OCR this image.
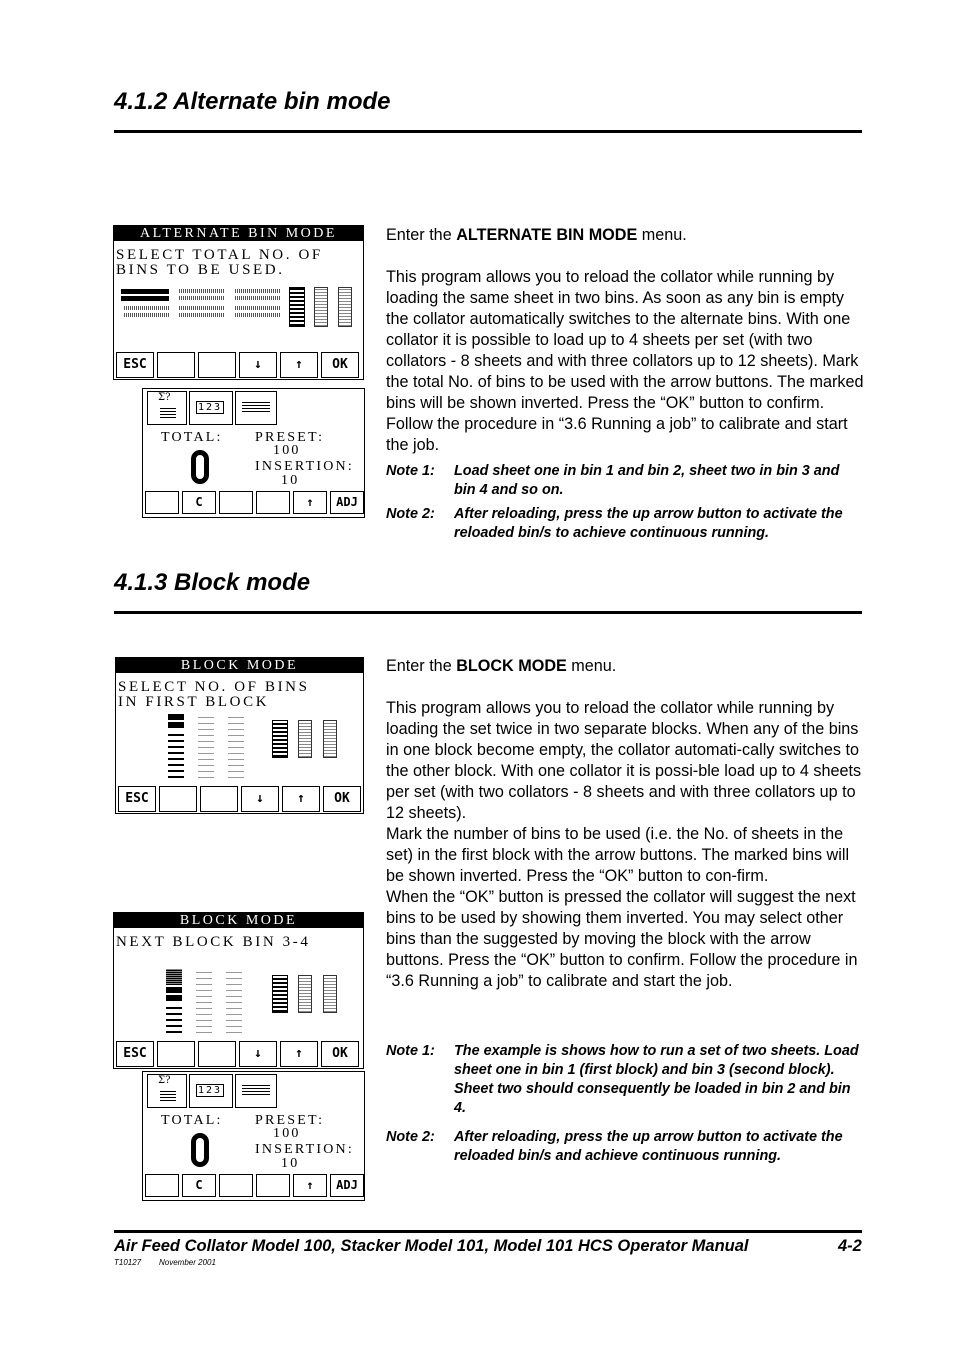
4.1.2 Alternate bin mode
ALTERNATE BIN MODE
SELECT TOTAL NO. OF
BINS TO BE USED.
ESC	↓	↑	OK
Σ?
123
TOTAL: PRESET:
100
INSERTION:
10
C	↑	ADJ

Enter the ALTERNATE BIN MODE menu.

This program allows you to reload the collator while running by loading the same sheet in two bins. As soon as any bin is empty the collator automatically switches to the alternate bins. With one collator it is possible to load up to 4 sheets per set (with two collators - 8 sheets and with three collators up to 12 sheets). Mark the total No. of bins to be used with the arrow buttons. The marked bins will be shown inverted. Press the “OK” button to confirm. Follow the procedure in “3.6 Running a job” to calibrate and start the job.

Note 1: Load sheet one in bin 1 and bin 2, sheet two in bin 3 and bin 4 and so on.
Note 2: After reloading, press the up arrow button to activate the reloaded bin/s to achieve continuous running.
4.1.3 Block mode
BLOCK MODE
SELECT NO. OF BINS
IN FIRST BLOCK
ESC	↓	↑	OK
BLOCK MODE
NEXT BLOCK BIN 3-4
ESC	↓	↑	OK
Σ?
123
TOTAL: PRESET:
100
INSERTION:
10
C	↑	ADJ

Enter the BLOCK MODE menu.

This program allows you to reload the collator while running by loading the set twice in two separate blocks. When any of the bins in one block become empty, the collator automati-cally switches to the other block. With one collator it is possi-ble load up to 4 sheets per set (with two collators - 8 sheets and with three collators up to 12 sheets).

Mark the number of bins to be used (i.e. the No. of sheets in the set) in the first block with the arrow buttons. The marked bins will be shown inverted. Press the “OK” button to con-firm.

When the “OK” button is pressed the collator will suggest the next bins to be used by showing them inverted. You may select other bins than the suggested by moving the block with the arrow buttons. Press the “OK” button to confirm. Follow the procedure in “3.6 Running a job” to calibrate and start the job.

Note 1: The example is shows how to run a set of two sheets. Load sheet one in bin 1 (first block) and bin 3 (second block). Sheet two should consequently be loaded in bin 2 and bin 4.
Note 2: After reloading, press the up arrow button to activate the reloaded bin/s and achieve continuous running.
Air Feed Collator Model 100, Stacker Model 101, Model 101 HCS Operator Manual	4-2
T10127 November 2001
